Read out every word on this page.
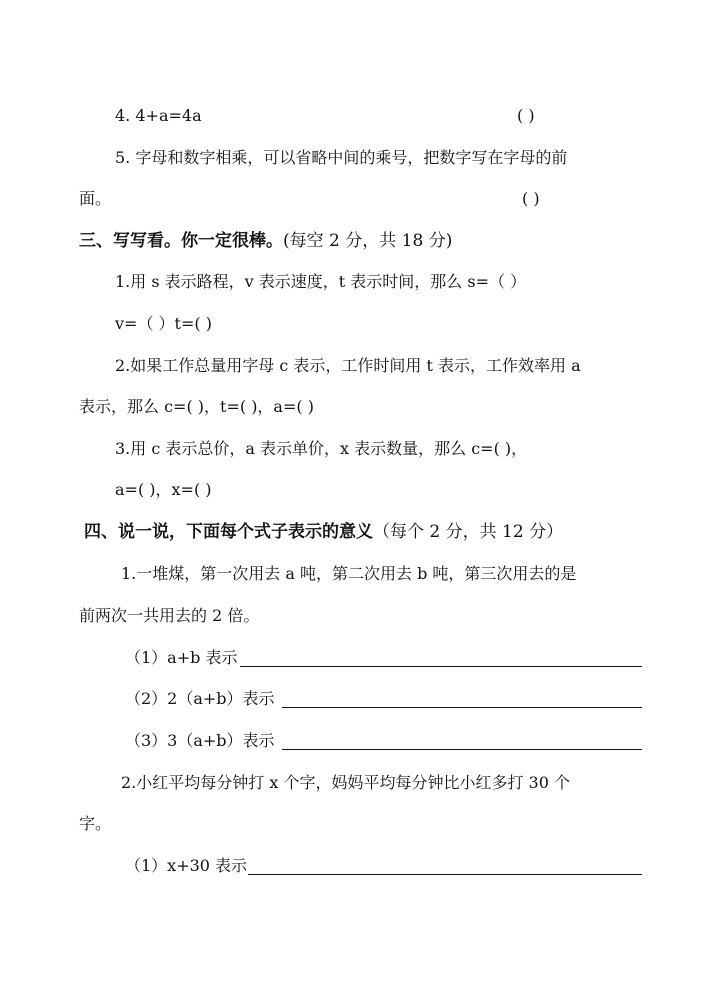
4. 4+a=4a	( )
5. 字母和数字相乘，可以省略中间的乘号，把数字写在字母的前
面。	( )
三、写写看。你一定很棒。(每空 2 分，共 18 分)
1.用 s 表示路程，v 表示速度，t 表示时间，那么 s=（ ）
v=（ ）t=( )
2.如果工作总量用字母 c 表示，工作时间用 t 表示，工作效率用 a
表示，那么 c=( )，t=( )，a=( )
3.用 c 表示总价，a 表示单价，x 表示数量，那么 c=( )，
a=( )，x=( )
四、说一说，下面每个式子表示的意义（每个 2 分，共 12 分）
1.一堆煤，第一次用去 a 吨，第二次用去 b 吨，第三次用去的是
前两次一共用去的 2 倍。
（1）a+b 表示
（2）2（a+b）表示
（3）3（a+b）表示
2.小红平均每分钟打 x 个字，妈妈平均每分钟比小红多打 30 个
字。
（1）x+30 表示
